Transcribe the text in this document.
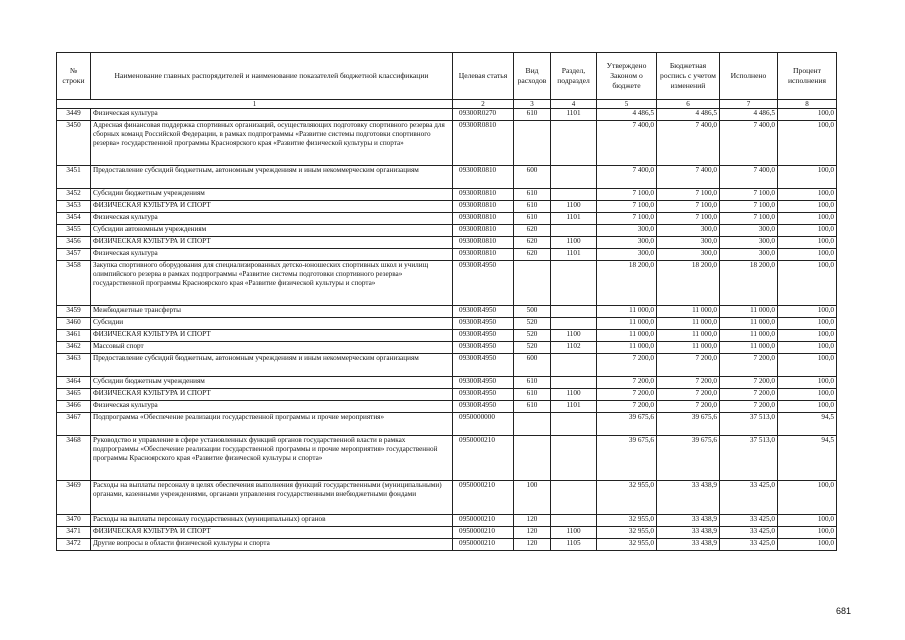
№ строки	Наименование главных распорядителей и наименование показателей бюджетной классификации	Целевая статья	Вид расходов	Раздел, подраздел	Утверждено Законом о бюджете	Бюджетная роспись с учетом изменений	Исполнено	Процент исполнения
1		2	3	4	5	6	7	8
3449	Физическая культура	09300R0270	610	1101	4 486,5	4 486,5	4 486,5	100,0
3450	Адресная финансовая поддержка спортивных организаций, осуществляющих подготовку спортивного резерва для сборных команд Российской Федерации, в рамках подпрограммы «Развитие системы подготовки спортивного резерва» государственной программы Красноярского края «Развитие физической культуры и спорта»	09300R0810			7 400,0	7 400,0	7 400,0	100,0
3451	Предоставление субсидий бюджетным, автономным учреждениям и иным некоммерческим организациям	09300R0810	600		7 400,0	7 400,0	7 400,0	100,0
3452	Субсидии бюджетным учреждениям	09300R0810	610		7 100,0	7 100,0	7 100,0	100,0
3453	ФИЗИЧЕСКАЯ КУЛЬТУРА И СПОРТ	09300R0810	610	1100	7 100,0	7 100,0	7 100,0	100,0
3454	Физическая культура	09300R0810	610	1101	7 100,0	7 100,0	7 100,0	100,0
3455	Субсидии автономным учреждениям	09300R0810	620		300,0	300,0	300,0	100,0
3456	ФИЗИЧЕСКАЯ КУЛЬТУРА И СПОРТ	09300R0810	620	1100	300,0	300,0	300,0	100,0
3457	Физическая культура	09300R0810	620	1101	300,0	300,0	300,0	100,0
3458	Закупка спортивного оборудования для специализированных детско-юношеских спортивных школ и училищ олимпийского резерва в рамках подпрограммы «Развитие системы подготовки спортивного резерва» государственной программы Красноярского края «Развитие физической культуры и спорта»	09300R4950			18 200,0	18 200,0	18 200,0	100,0
3459	Межбюджетные трансферты	09300R4950	500		11 000,0	11 000,0	11 000,0	100,0
3460	Субсидии	09300R4950	520		11 000,0	11 000,0	11 000,0	100,0
3461	ФИЗИЧЕСКАЯ КУЛЬТУРА И СПОРТ	09300R4950	520	1100	11 000,0	11 000,0	11 000,0	100,0
3462	Массовый спорт	09300R4950	520	1102	11 000,0	11 000,0	11 000,0	100,0
3463	Предоставление субсидий бюджетным, автономным учреждениям и иным некоммерческим организациям	09300R4950	600		7 200,0	7 200,0	7 200,0	100,0
3464	Субсидии бюджетным учреждениям	09300R4950	610		7 200,0	7 200,0	7 200,0	100,0
3465	ФИЗИЧЕСКАЯ КУЛЬТУРА И СПОРТ	09300R4950	610	1100	7 200,0	7 200,0	7 200,0	100,0
3466	Физическая культура	09300R4950	610	1101	7 200,0	7 200,0	7 200,0	100,0
3467	Подпрограмма «Обеспечение реализации государственной программы и прочие мероприятия»	0950000000			39 675,6	39 675,6	37 513,0	94,5
3468	Руководство и управление в сфере установленных функций органов государственной власти в рамках подпрограммы «Обеспечение реализации государственной программы и прочие мероприятия» государственной программы Красноярского края «Развитие физической культуры и спорта»	0950000210			39 675,6	39 675,6	37 513,0	94,5
3469	Расходы на выплаты персоналу в целях обеспечения выполнения функций государственными (муниципальными) органами, казенными учреждениями, органами управления государственными внебюджетными фондами	0950000210	100		32 955,0	33 438,9	33 425,0	100,0
3470	Расходы на выплаты персоналу государственных (муниципальных) органов	0950000210	120		32 955,0	33 438,9	33 425,0	100,0
3471	ФИЗИЧЕСКАЯ КУЛЬТУРА И СПОРТ	0950000210	120	1100	32 955,0	33 438,9	33 425,0	100,0
3472	Другие вопросы в области физической культуры и спорта	0950000210	120	1105	32 955,0	33 438,9	33 425,0	100,0
681
